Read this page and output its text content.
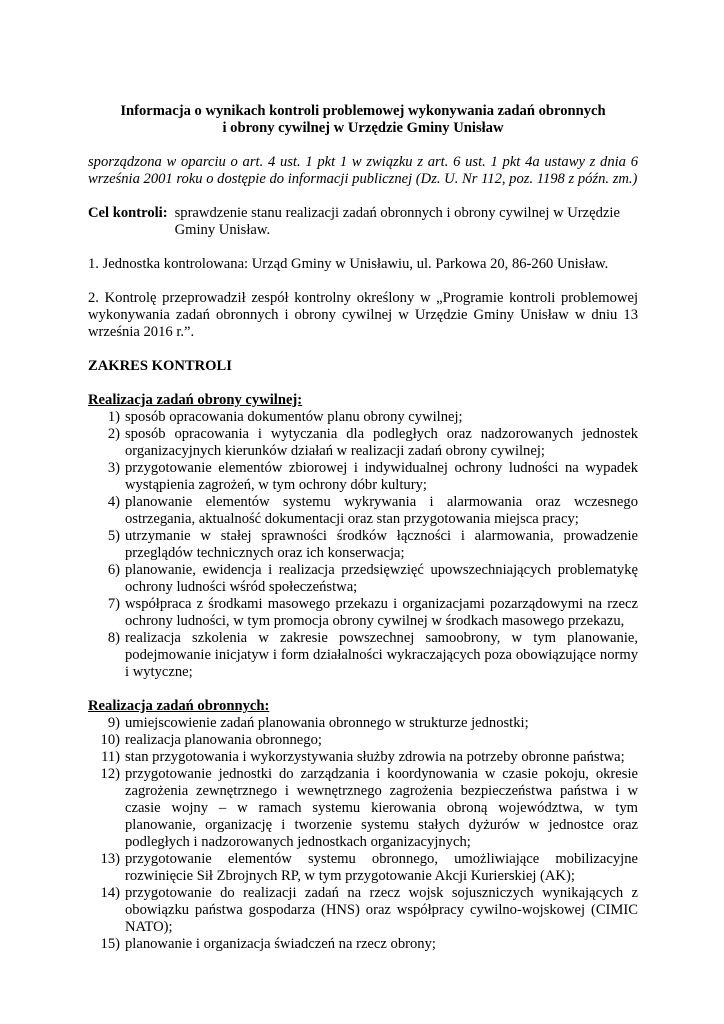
Informacja o wynikach kontroli problemowej wykonywania zadań obronnych
i obrony cywilnej w Urzędzie Gminy Unisław

sporządzona w oparciu o art. 4 ust. 1 pkt 1 w związku z art. 6 ust. 1 pkt 4a ustawy z dnia 6 września 2001 roku o dostępie do informacji publicznej (Dz. U. Nr 112, poz. 1198 z późn. zm.)
Cel kontroli: sprawdzenie stanu realizacji zadań obronnych i obrony cywilnej w Urzędzie Gminy Unisław.
1. Jednostka kontrolowana: Urząd Gminy w Unisławiu, ul. Parkowa 20, 86-260 Unisław.
2. Kontrolę przeprowadził zespół kontrolny określony w „Programie kontroli problemowej wykonywania zadań obronnych i obrony cywilnej w Urzędzie Gminy Unisław w dniu 13 września 2016 r.”.
ZAKRES KONTROLI
Realizacja zadań obrony cywilnej:
1) sposób opracowania dokumentów planu obrony cywilnej;
2) sposób opracowania i wytyczania dla podległych oraz nadzorowanych jednostek organizacyjnych kierunków działań w realizacji zadań obrony cywilnej;
3) przygotowanie elementów zbiorowej i indywidualnej ochrony ludności na wypadek wystąpienia zagrożeń, w tym ochrony dóbr kultury;
4) planowanie elementów systemu wykrywania i alarmowania oraz wczesnego ostrzegania, aktualność dokumentacji oraz stan przygotowania miejsca pracy;
5) utrzymanie w stałej sprawności środków łączności i alarmowania, prowadzenie przeglądów technicznych oraz ich konserwacja;
6) planowanie, ewidencja i realizacja przedsięwzięć upowszechniających problematykę ochrony ludności wśród społeczeństwa;
7) współpraca z środkami masowego przekazu i organizacjami pozarządowymi na rzecz ochrony ludności, w tym promocja obrony cywilnej w środkach masowego przekazu,
8) realizacja szkolenia w zakresie powszechnej samoobrony, w tym planowanie, podejmowanie inicjatyw i form działalności wykraczających poza obowiązujące normy i wytyczne;
Realizacja zadań obronnych:
9) umiejscowienie zadań planowania obronnego w strukturze jednostki;
10) realizacja planowania obronnego;
11) stan przygotowania i wykorzystywania służby zdrowia na potrzeby obronne państwa;
12) przygotowanie jednostki do zarządzania i koordynowania w czasie pokoju, okresie zagrożenia zewnętrznego i wewnętrznego zagrożenia bezpieczeństwa państwa i w czasie wojny – w ramach systemu kierowania obroną województwa, w tym planowanie, organizację i tworzenie systemu stałych dyżurów w jednostce oraz podległych i nadzorowanych jednostkach organizacyjnych;
13) przygotowanie elementów systemu obronnego, umożliwiające mobilizacyjne rozwinięcie Sił Zbrojnych RP, w tym przygotowanie Akcji Kurierskiej (AK);
14) przygotowanie do realizacji zadań na rzecz wojsk sojuszniczych wynikających z obowiązku państwa gospodarza (HNS) oraz współpracy cywilno-wojskowej (CIMIC NATO);
15) planowanie i organizacja świadczeń na rzecz obrony;
